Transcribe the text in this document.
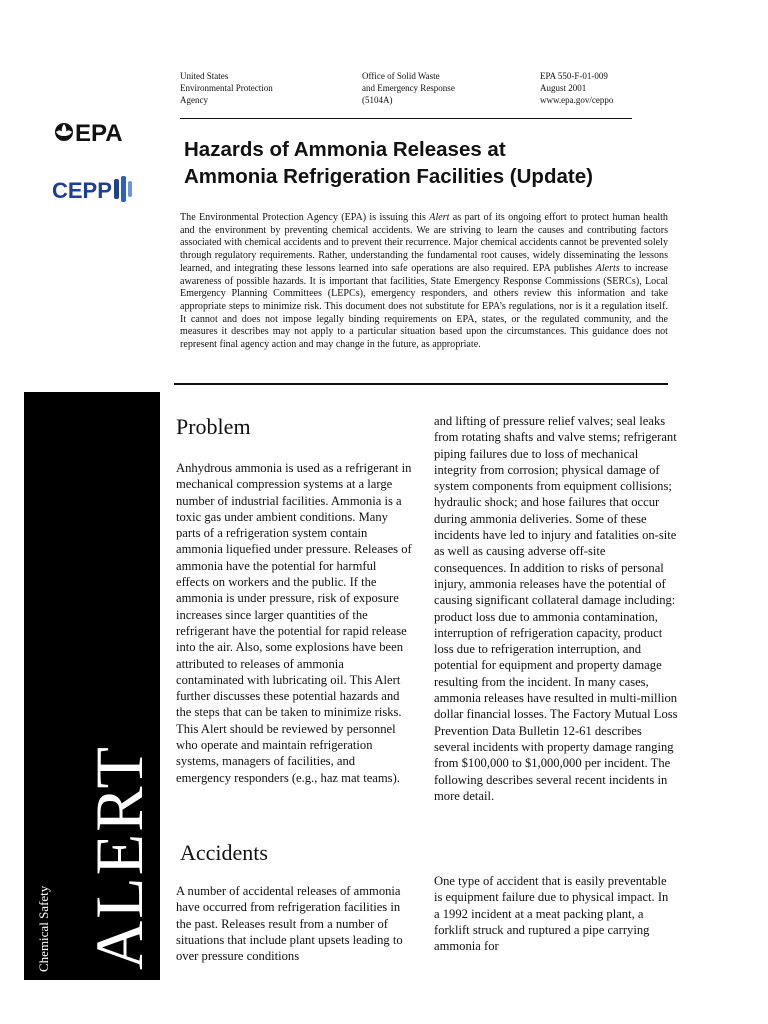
United States
Environmental Protection
Agency
Office of Solid Waste
and Emergency Response
(5104A)
EPA 550-F-01-009
August 2001
www.epa.gov/ceppo
EPA
CEPP
Hazards of Ammonia Releases at
Ammonia Refrigeration Facilities (Update)
The Environmental Protection Agency (EPA) is issuing this Alert as part of its ongoing effort to protect human health and the environment by preventing chemical accidents. We are striving to learn the causes and contributing factors associated with chemical accidents and to prevent their recurrence. Major chemical accidents cannot be prevented solely through regulatory requirements. Rather, understanding the fundamental root causes, widely disseminating the lessons learned, and integrating these lessons learned into safe operations are also required. EPA publishes Alerts to increase awareness of possible hazards. It is important that facilities, State Emergency Response Commissions (SERCs), Local Emergency Planning Committees (LEPCs), emergency responders, and others review this information and take appropriate steps to minimize risk. This document does not substitute for EPA’s regulations, nor is it a regulation itself. It cannot and does not impose legally binding requirements on EPA, states, or the regulated community, and the measures it describes may not apply to a particular situation based upon the circumstances. This guidance does not represent final agency action and may change in the future, as appropriate.
Chemical Safety ALERT
Problem
Anhydrous ammonia is used as a refrigerant in mechanical compression systems at a large number of industrial facilities. Ammonia is a toxic gas under ambient conditions. Many parts of a refrigeration system contain ammonia liquefied under pressure. Releases of ammonia have the potential for harmful effects on workers and the public. If the ammonia is under pressure, risk of exposure increases since larger quantities of the refrigerant have the potential for rapid release into the air. Also, some explosions have been attributed to releases of ammonia contaminated with lubricating oil. This Alert further discusses these potential hazards and the steps that can be taken to minimize risks. This Alert should be reviewed by personnel who operate and maintain refrigeration systems, managers of facilities, and emergency responders (e.g., haz mat teams).
Accidents
A number of accidental releases of ammonia have occurred from refrigeration facilities in the past. Releases result from a number of situations that include plant upsets leading to over pressure conditions
and lifting of pressure relief valves; seal leaks from rotating shafts and valve stems; refrigerant piping failures due to loss of mechanical integrity from corrosion; physical damage of system components from equipment collisions; hydraulic shock; and hose failures that occur during ammonia deliveries. Some of these incidents have led to injury and fatalities on-site as well as causing adverse off-site consequences. In addition to risks of personal injury, ammonia releases have the potential of causing significant collateral damage including: product loss due to ammonia contamination, interruption of refrigeration capacity, product loss due to refrigeration interruption, and potential for equipment and property damage resulting from the incident. In many cases, ammonia releases have resulted in multi-million dollar financial losses. The Factory Mutual Loss Prevention Data Bulletin 12-61 describes several incidents with property damage ranging from $100,000 to $1,000,000 per incident. The following describes several recent incidents in more detail.
One type of accident that is easily preventable is equipment failure due to physical impact. In a 1992 incident at a meat packing plant, a forklift struck and ruptured a pipe carrying ammonia for
